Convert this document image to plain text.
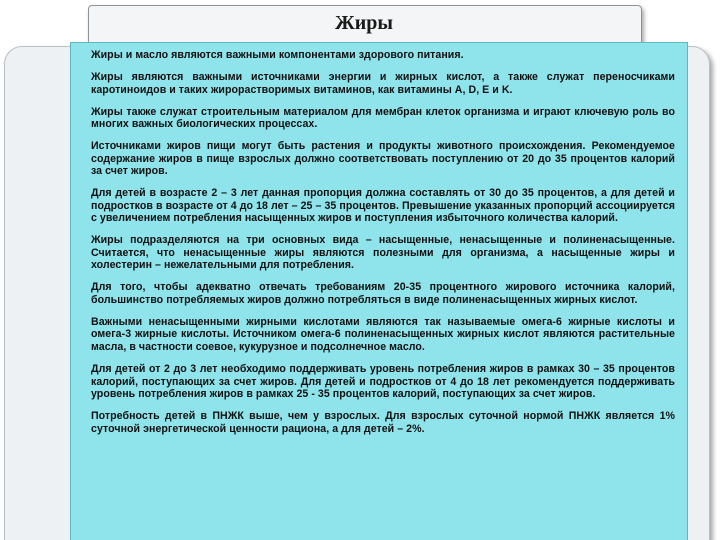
Жиры

Жиры и масло являются важными компонентами здорового питания.

Жиры являются важными источниками энергии и жирных кислот, а также служат переносчиками каротиноидов и таких жирорастворимых витаминов, как витамины A, D, E и K.

Жиры также служат строительным материалом для мембран клеток организма и играют ключевую роль во многих важных биологических процессах.

Источниками жиров пищи могут быть растения и продукты животного происхождения. Рекомендуемое содержание жиров в пище взрослых должно соответствовать поступлению от 20 до 35 процентов калорий за счет жиров.

Для детей в возрасте 2 – 3 лет данная пропорция должна составлять от 30 до 35 процентов, а для детей и подростков в возрасте от 4 до 18 лет – 25 – 35 процентов. Превышение указанных пропорций ассоциируется с увеличением потребления насыщенных жиров и поступления избыточного количества калорий.

Жиры подразделяются на три основных вида – насыщенные, ненасыщенные и полиненасыщенные. Считается, что ненасыщенные жиры являются полезными для организма, а насыщенные жиры и холестерин – нежелательными для потребления.

Для того, чтобы адекватно отвечать требованиям 20-35 процентного жирового источника калорий, большинство потребляемых жиров должно потребляться в виде полиненасыщенных жирных кислот.

Важными ненасыщенными жирными кислотами являются так называемые омега-6 жирные кислоты и омега-3 жирные кислоты. Источником омега-6 полиненасыщенных жирных кислот являются растительные масла, в частности соевое, кукурузное и подсолнечное масло.

Для детей от 2 до 3 лет необходимо поддерживать уровень потребления жиров в рамках 30 – 35 процентов калорий, поступающих за счет жиров. Для детей и подростков от 4 до 18 лет рекомендуется поддерживать уровень потребления жиров в рамках 25 - 35 процентов калорий, поступающих за счет жиров.

Потребность детей в ПНЖК выше, чем у взрослых. Для взрослых суточной нормой ПНЖК является 1% суточной энергетической ценности рациона, а для детей – 2%.
